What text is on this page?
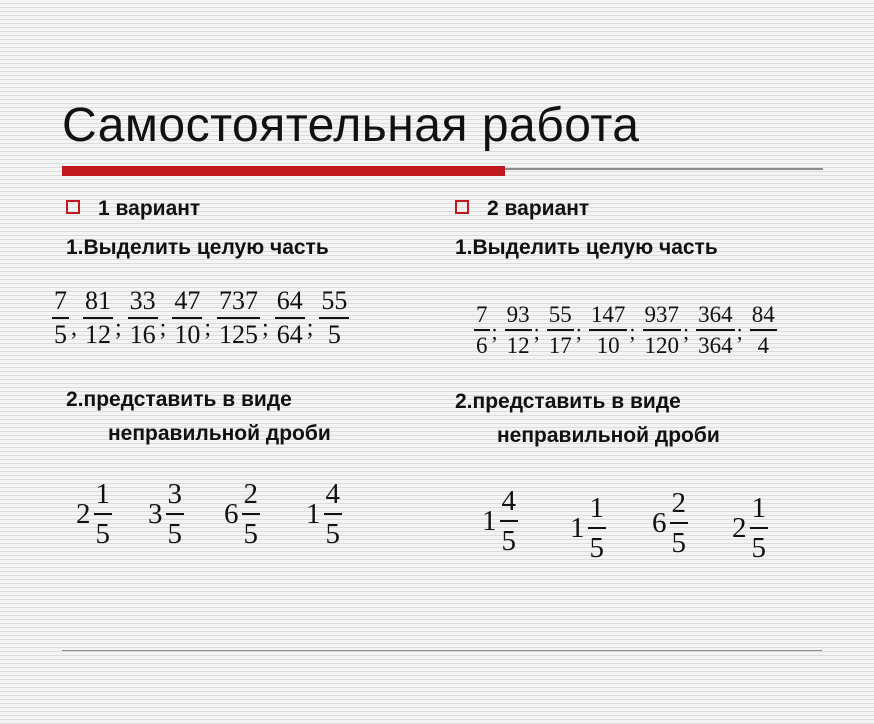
Самостоятельная работа
1 вариант
1.Выделить целую часть
$\frac{7}{5}$ , $\frac{81}{12}$ ; $\frac{33}{16}$ ; $\frac{47}{10}$ ; $\frac{737}{125}$ ; $\frac{64}{64}$ ; $\frac{55}{5}$
2.представить в виде
неправильной дроби
$2 \frac{1}{5} 3 \frac{3}{5} 6 \frac{2}{5} 1 \frac{4}{5}$
2 вариант
1.Выделить целую часть
$\frac{7}{6}$ ; $\frac{93}{12}$ ; $\frac{55}{17}$ ; $\frac{147}{10}$ ; $\frac{937}{120}$ ; $\frac{364}{364}$ ; $\frac{84}{4}$
2.представить в виде
неправильной дроби
$1 \frac{4}{5} 1 \frac{1}{5} 6 \frac{2}{5} 2 \frac{1}{5}$
